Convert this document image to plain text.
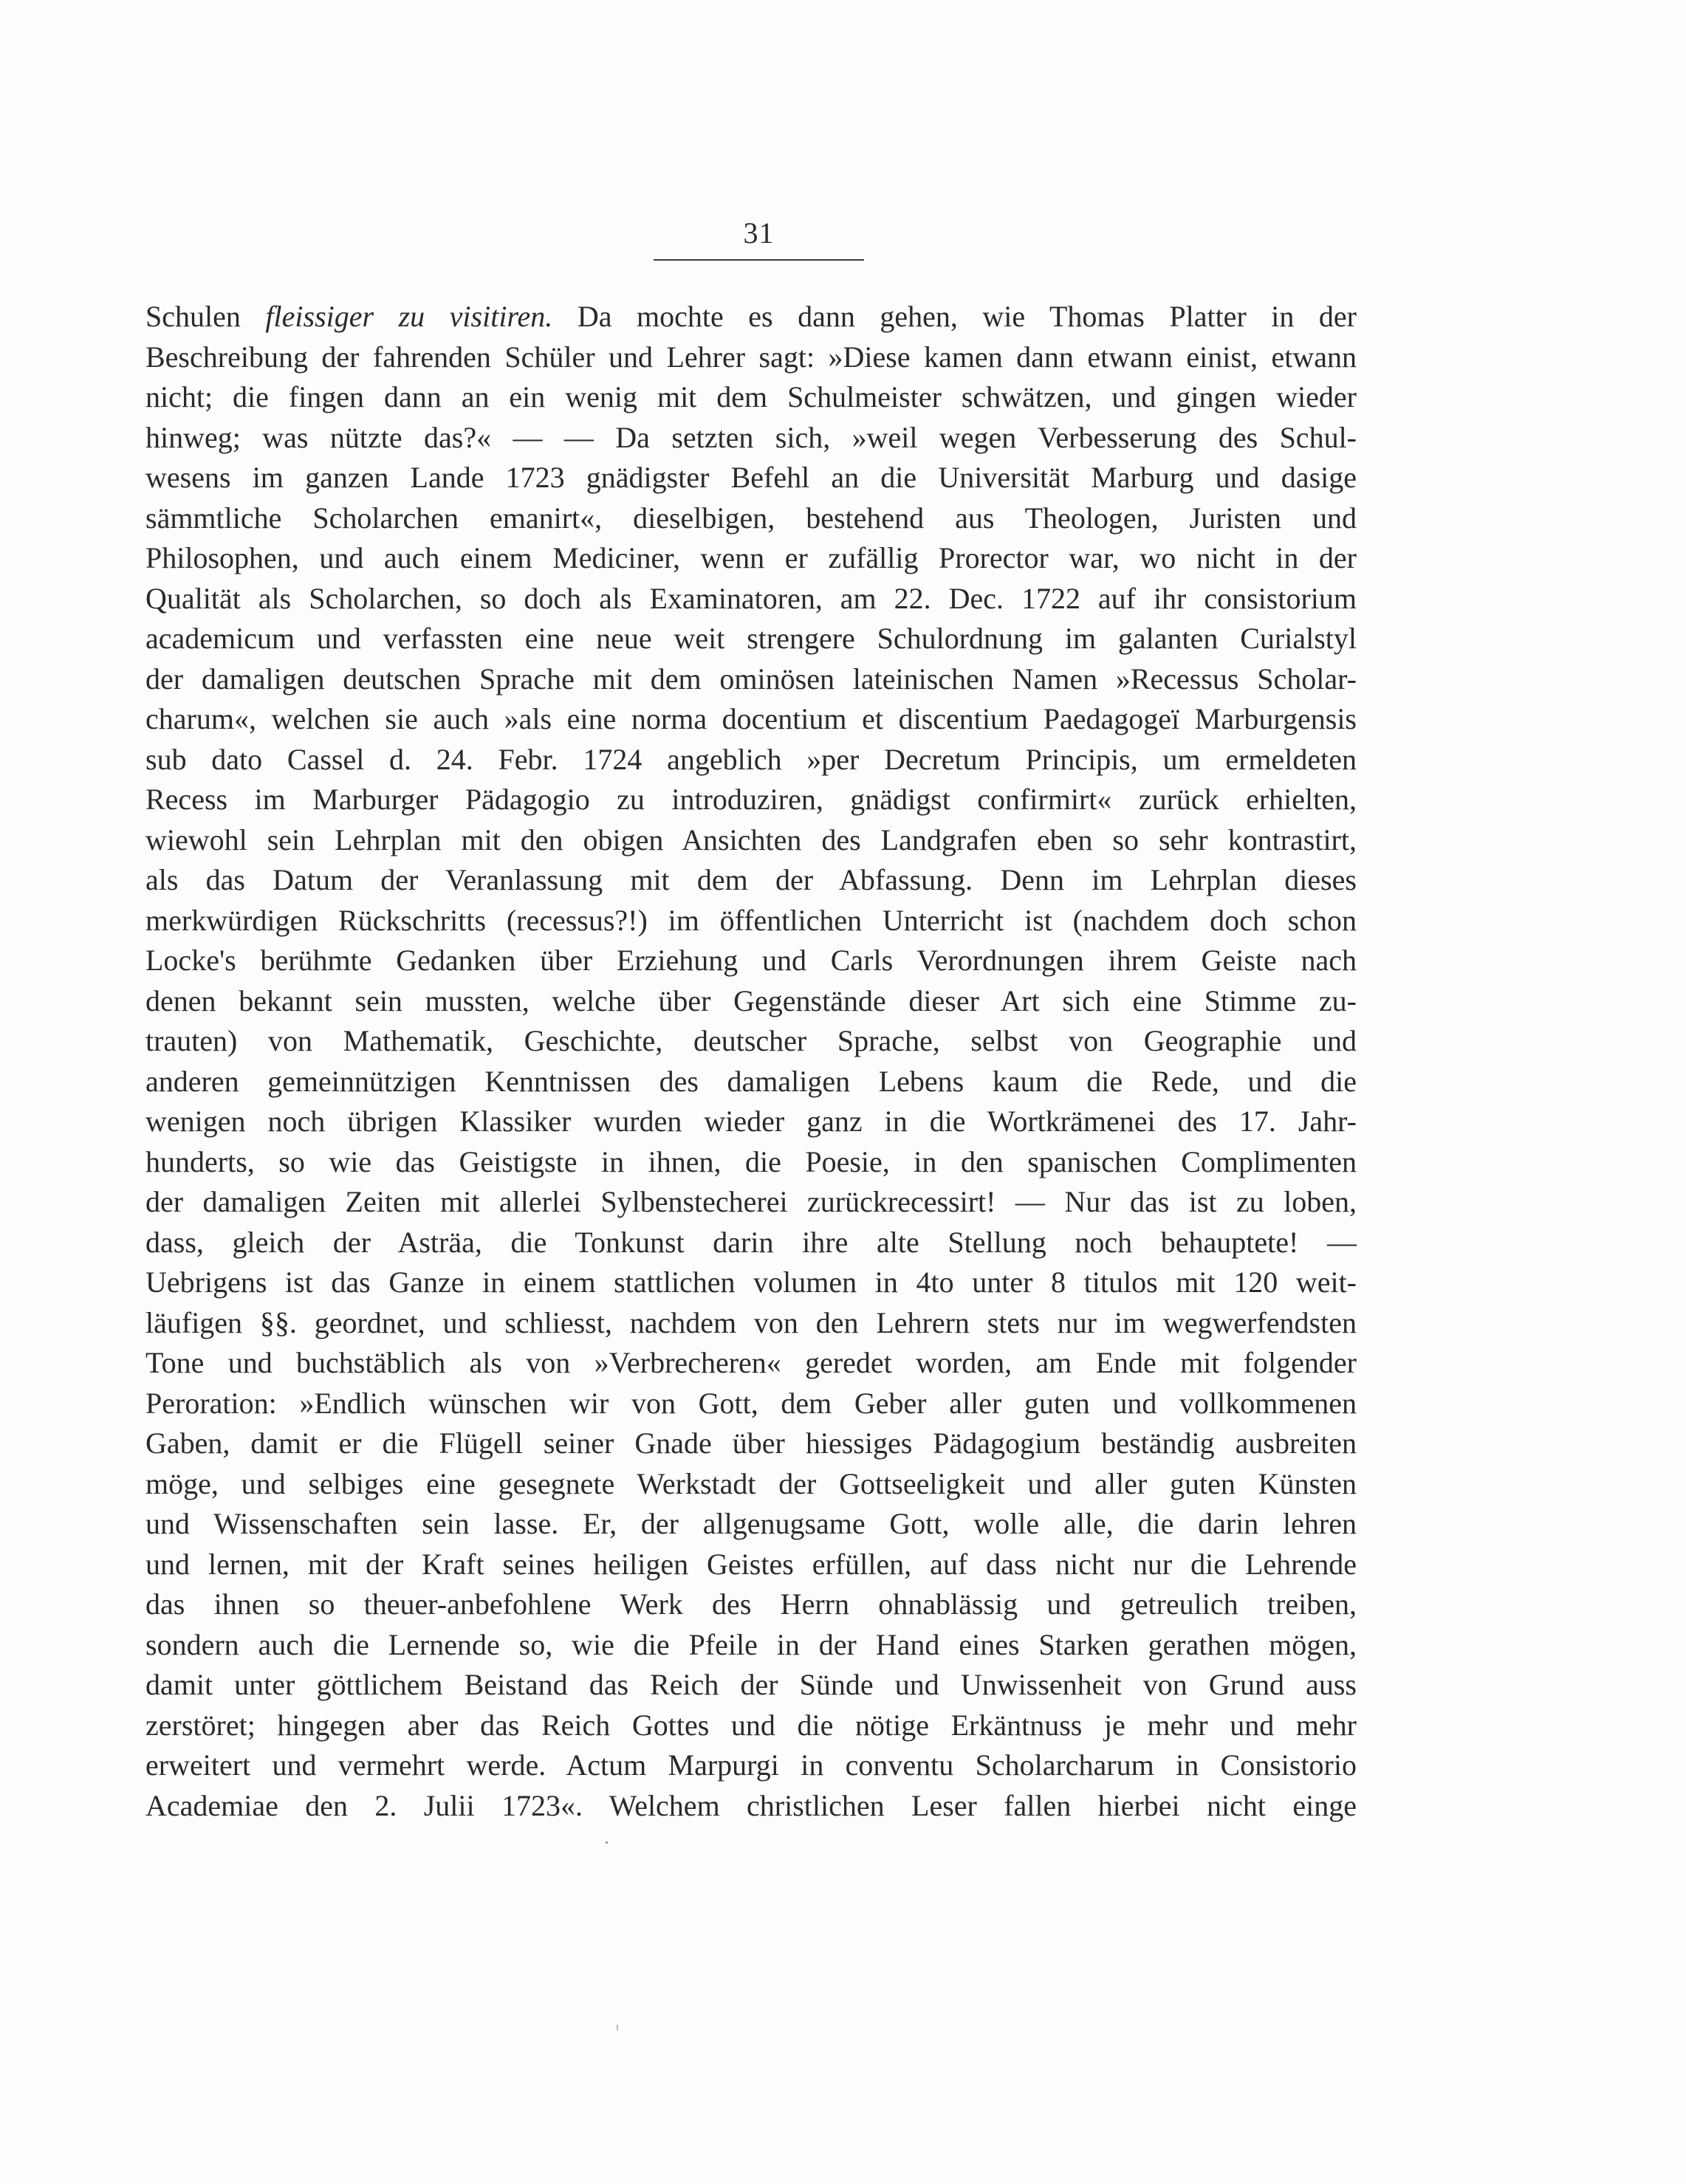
31
Schulen fleissiger zu visitiren. Da mochte es dann gehen, wie Thomas Platter in der
Beschreibung der fahrenden Schüler und Lehrer sagt: »Diese kamen dann etwann einist, etwann
nicht; die fingen dann an ein wenig mit dem Schulmeister schwätzen, und gingen wieder
hinweg; was nützte das?« — — Da setzten sich, »weil wegen Verbesserung des Schul-
wesens im ganzen Lande 1723 gnädigster Befehl an die Universität Marburg und dasige
sämmtliche Scholarchen emanirt«, dieselbigen, bestehend aus Theologen, Juristen und
Philosophen, und auch einem Mediciner, wenn er zufällig Prorector war, wo nicht in der
Qualität als Scholarchen, so doch als Examinatoren, am 22. Dec. 1722 auf ihr consistorium
academicum und verfassten eine neue weit strengere Schulordnung im galanten Curialstyl
der damaligen deutschen Sprache mit dem ominösen lateinischen Namen »Recessus Scholar-
charum«, welchen sie auch »als eine norma docentium et discentium Paedagogeï Marburgensis
sub dato Cassel d. 24. Febr. 1724 angeblich »per Decretum Principis, um ermeldeten
Recess im Marburger Pädagogio zu introduziren, gnädigst confirmirt« zurück erhielten,
wiewohl sein Lehrplan mit den obigen Ansichten des Landgrafen eben so sehr kontrastirt,
als das Datum der Veranlassung mit dem der Abfassung. Denn im Lehrplan dieses
merkwürdigen Rückschritts (recessus?!) im öffentlichen Unterricht ist (nachdem doch schon
Locke's berühmte Gedanken über Erziehung und Carls Verordnungen ihrem Geiste nach
denen bekannt sein mussten, welche über Gegenstände dieser Art sich eine Stimme zu-
trauten) von Mathematik, Geschichte, deutscher Sprache, selbst von Geographie und
anderen gemeinnützigen Kenntnissen des damaligen Lebens kaum die Rede, und die
wenigen noch übrigen Klassiker wurden wieder ganz in die Wortkrämenei des 17. Jahr-
hunderts, so wie das Geistigste in ihnen, die Poesie, in den spanischen Complimenten
der damaligen Zeiten mit allerlei Sylbenstecherei zurückrecessirt! — Nur das ist zu loben,
dass, gleich der Asträa, die Tonkunst darin ihre alte Stellung noch behauptete! —
Uebrigens ist das Ganze in einem stattlichen volumen in 4to unter 8 titulos mit 120 weit-
läufigen §§. geordnet, und schliesst, nachdem von den Lehrern stets nur im wegwerfendsten
Tone und buchstäblich als von »Verbrecheren« geredet worden, am Ende mit folgender
Peroration: »Endlich wünschen wir von Gott, dem Geber aller guten und vollkommenen
Gaben, damit er die Flügell seiner Gnade über hiessiges Pädagogium beständig ausbreiten
möge, und selbiges eine gesegnete Werkstadt der Gottseeligkeit und aller guten Künsten
und Wissenschaften sein lasse. Er, der allgenugsame Gott, wolle alle, die darin lehren
und lernen, mit der Kraft seines heiligen Geistes erfüllen, auf dass nicht nur die Lehrende
das ihnen so theuer-anbefohlene Werk des Herrn ohnablässig und getreulich treiben,
sondern auch die Lernende so, wie die Pfeile in der Hand eines Starken gerathen mögen,
damit unter göttlichem Beistand das Reich der Sünde und Unwissenheit von Grund auss
zerstöret; hingegen aber das Reich Gottes und die nötige Erkäntnuss je mehr und mehr
erweitert und vermehrt werde. Actum Marpurgi in conventu Scholarcharum in Consistorio
Academiae den 2. Julii 1723«. Welchem christlichen Leser fallen hierbei nicht einge
